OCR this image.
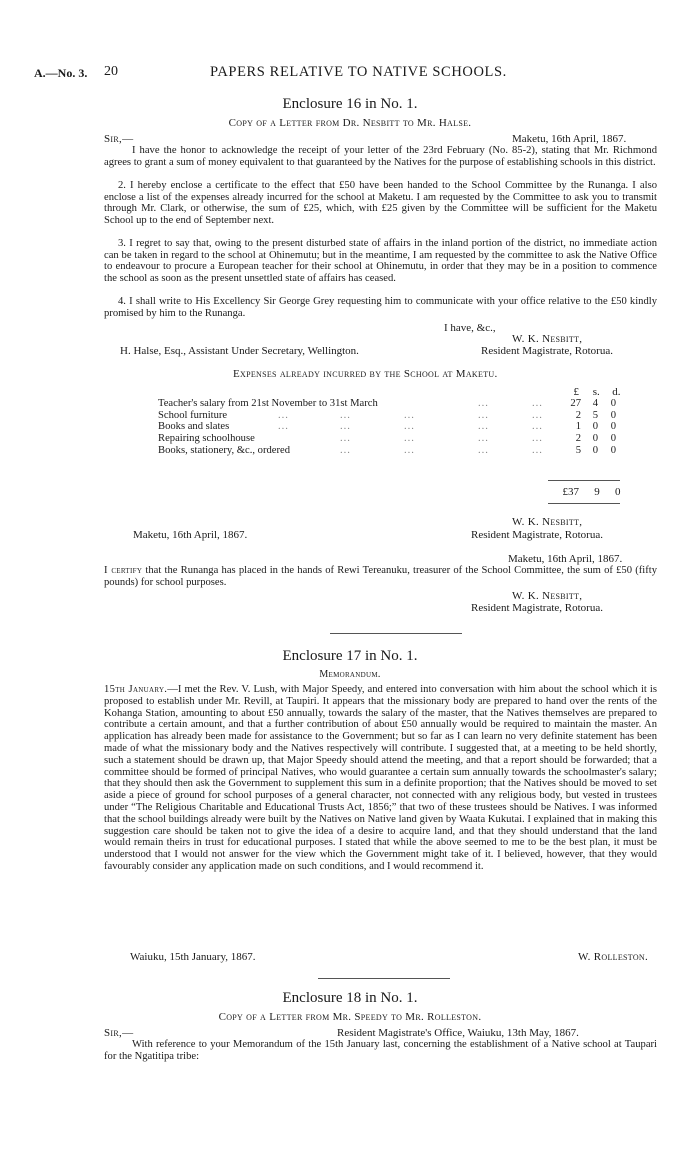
A.—No. 3. 20	PAPERS RELATIVE TO NATIVE SCHOOLS.
Enclosure 16 in No. 1.
Copy of a Letter from Dr. Nesbitt to Mr. Halse.
Sir,—	Maketu, 16th April, 1867.
I have the honor to acknowledge the receipt of your letter of the 23rd February (No. 85-2), stating that Mr. Richmond agrees to grant a sum of money equivalent to that guaranteed by the Natives for the purpose of establishing schools in this district.
2. I hereby enclose a certificate to the effect that £50 have been handed to the School Committee by the Runanga. I also enclose a list of the expenses already incurred for the school at Maketu. I am requested by the Committee to ask you to transmit through Mr. Clark, or otherwise, the sum of £25, which, with £25 given by the Committee will be sufficient for the Maketu School up to the end of September next.
3. I regret to say that, owing to the present disturbed state of affairs in the inland portion of the district, no immediate action can be taken in regard to the school at Ohinemutu; but in the meantime, I am requested by the committee to ask the Native Office to endeavour to procure a European teacher for their school at Ohinemutu, in order that they may be in a position to commence the school as soon as the present unsettled state of affairs has ceased.
4. I shall write to His Excellency Sir George Grey requesting him to communicate with your office relative to the £50 kindly promised by him to the Runanga.
I have, &c.,
W. K. Nesbitt,
H. Halse, Esq., Assistant Under Secretary, Wellington.	Resident Magistrate, Rotorua.
Expenses already incurred by the School at Maketu.
£ s. d.
Teacher's salary from 21st November to 31st March	...	...	27	4	0
School furniture	...	...	...	...	...	2	5	0
Books and slates	...	...	...	...	...	1	0	0
Repairing schoolhouse	...	...	...	...	2	0	0
Books, stationery, &c., ordered	...	...	...	...	5	0	0
£37 9 0
W. K. Nesbitt,
Maketu, 16th April, 1867.	Resident Magistrate, Rotorua.
Maketu, 16th April, 1867.
I certify that the Runanga has placed in the hands of Rewi Tereanuku, treasurer of the School Committee, the sum of £50 (fifty pounds) for school purposes.
W. K. Nesbitt,
Resident Magistrate, Rotorua.
Enclosure 17 in No. 1.
Memorandum.
15th January.—I met the Rev. V. Lush, with Major Speedy, and entered into conversation with him about the school which it is proposed to establish under Mr. Revill, at Taupiri. It appears that the missionary body are prepared to hand over the rents of the Kohanga Station, amounting to about £50 annually, towards the salary of the master, that the Natives themselves are prepared to contribute a certain amount, and that a further contribution of about £50 annually would be required to maintain the master. An application has already been made for assistance to the Government; but so far as I can learn no very definite statement has been made of what the missionary body and the Natives respectively will contribute. I suggested that, at a meeting to be held shortly, such a statement should be drawn up, that Major Speedy should attend the meeting, and that a report should be forwarded; that a committee should be formed of principal Natives, who would guarantee a certain sum annually towards the schoolmaster's salary; that they should then ask the Government to supplement this sum in a definite proportion; that the Natives should be moved to set aside a piece of ground for school purposes of a general character, not connected with any religious body, but vested in trustees under “The Religious Charitable and Educational Trusts Act, 1856;” that two of these trustees should be Natives. I was informed that the school buildings already were built by the Natives on Native land given by Waata Kukutai. I explained that in making this suggestion care should be taken not to give the idea of a desire to acquire land, and that they should understand that the land would remain theirs in trust for educational purposes. I stated that while the above seemed to me to be the best plan, it must be understood that I would not answer for the view which the Government might take of it. I believed, however, that they would favourably consider any application made on such conditions, and I would recommend it.
Waiuku, 15th January, 1867.	W. Rolleston.
Enclosure 18 in No. 1.
Copy of a Letter from Mr. Speedy to Mr. Rolleston.
Sir,—	Resident Magistrate's Office, Waiuku, 13th May, 1867.
With reference to your Memorandum of the 15th January last, concerning the establishment of a Native school at Taupari for the Ngatitipa tribe:
